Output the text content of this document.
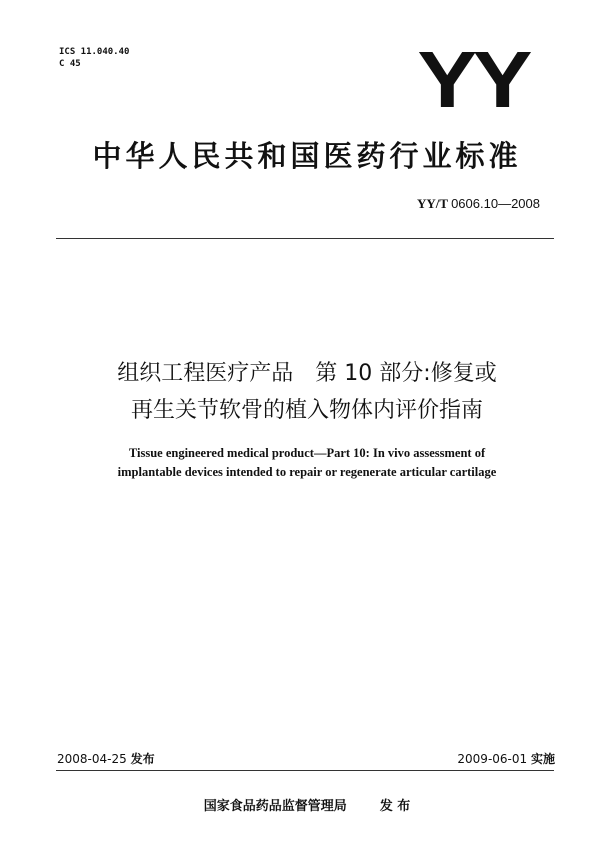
ICS 11.040.40
C 45	YY
中华人民共和国医药行业标准
YY/T 0606.10—2008
组织工程医疗产品　第 10 部分:修复或
再生关节软骨的植入物体内评价指南
Tissue engineered medical product—Part 10: In vivo assessment of
implantable devices intended to repair or regenerate articular cartilage
2008-04-25 发布	2009-06-01 实施
国家食品药品监督管理局	发 布
